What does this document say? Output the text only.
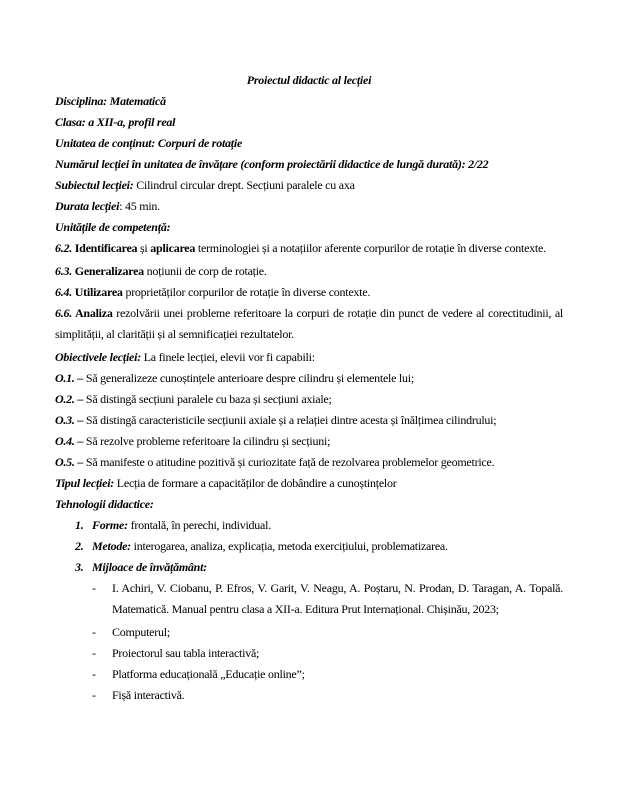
Proiectul didactic al lecției

Disciplina: Matematică

Clasa: a XII-a, profil real

Unitatea de conținut: Corpuri de rotație

Numărul lecției în unitatea de învățare (conform proiectării didactice de lungă durată): 2/22

Subiectul lecției: Cilindrul circular drept. Secțiuni paralele cu axa

Durata lecției: 45 min.

Unitățile de competență:

6.2. Identificarea și aplicarea terminologiei și a notațiilor aferente corpurilor de rotație în diverse contexte.

6.3. Generalizarea noțiunii de corp de rotație.

6.4. Utilizarea proprietăților corpurilor de rotație în diverse contexte.

6.6. Analiza rezolvării unei probleme referitoare la corpuri de rotație din punct de vedere al corectitudinii, al simplității, al clarității și al semnificației rezultatelor.

Obiectivele lecției: La finele lecției, elevii vor fi capabili:

O.1. – Să generalizeze cunoștințele anterioare despre cilindru și elementele lui;

O.2. – Să distingă secțiuni paralele cu baza și secțiuni axiale;

O.3. – Să distingă caracteristicile secțiunii axiale și a relației dintre acesta și înălțimea cilindrului;

O.4. – Să rezolve probleme referitoare la cilindru și secțiuni;

O.5. – Să manifeste o atitudine pozitivă și curiozitate față de rezolvarea problemelor geometrice.

Tipul lecției: Lecția de formare a capacităților de dobândire a cunoștințelor

Tehnologii didactice:

1. Forme: frontală, în perechi, individual.

2. Metode: interogarea, analiza, explicația, metoda exercițiului, problematizarea.

3. Mijloace de învățământ:

- I. Achiri, V. Ciobanu, P. Efros, V. Garit, V. Neagu, A. Poștaru, N. Prodan, D. Taragan, A. Topală. Matematică. Manual pentru clasa a XII-a. Editura Prut Internațional. Chișinău, 2023;

- Computerul;

- Proiectorul sau tabla interactivă;

- Platforma educațională „Educație online”;

- Fișă interactivă.
